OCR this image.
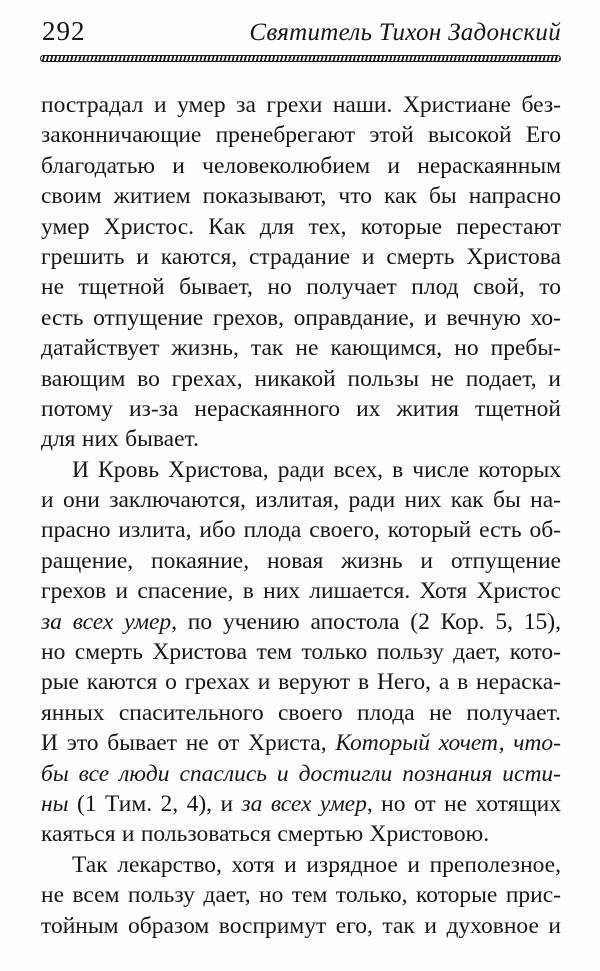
292	Святитель Тихон Задонский
пострадал и умер за грехи наши. Христиане без-
законничающие пренебрегают этой высокой Его
благодатью и человеколюбием и нераскаянным
своим житием показывают, что как бы напрасно
умер Христос. Как для тех, которые перестают
грешить и каются, страдание и смерть Христова
не тщетной бывает, но получает плод свой, то
есть отпущение грехов, оправдание, и вечную хо-
датайствует жизнь, так не кающимся, но пребы-
вающим во грехах, никакой пользы не подает, и
потому из-за нераскаянного их жития тщетной
для них бывает.
И Кровь Христова, ради всех, в числе которых
и они заключаются, излитая, ради них как бы на-
прасно излита, ибо плода своего, который есть об-
ращение, покаяние, новая жизнь и отпущение
грехов и спасение, в них лишается. Хотя Христос
за всех умер, по учению апостола (2 Кор. 5, 15),
но смерть Христова тем только пользу дает, кото-
рые каются о грехах и веруют в Него, а в нераска-
янных спасительного своего плода не получает.
И это бывает не от Христа, Который хочет, что-
бы все люди спаслись и достигли познания исти-
ны (1 Тим. 2, 4), и за всех умер, но от не хотящих
каяться и пользоваться смертью Христовою.
Так лекарство, хотя и изрядное и преполезное,
не всем пользу дает, но тем только, которые прис-
тойным образом воспримут его, так и духовное и
